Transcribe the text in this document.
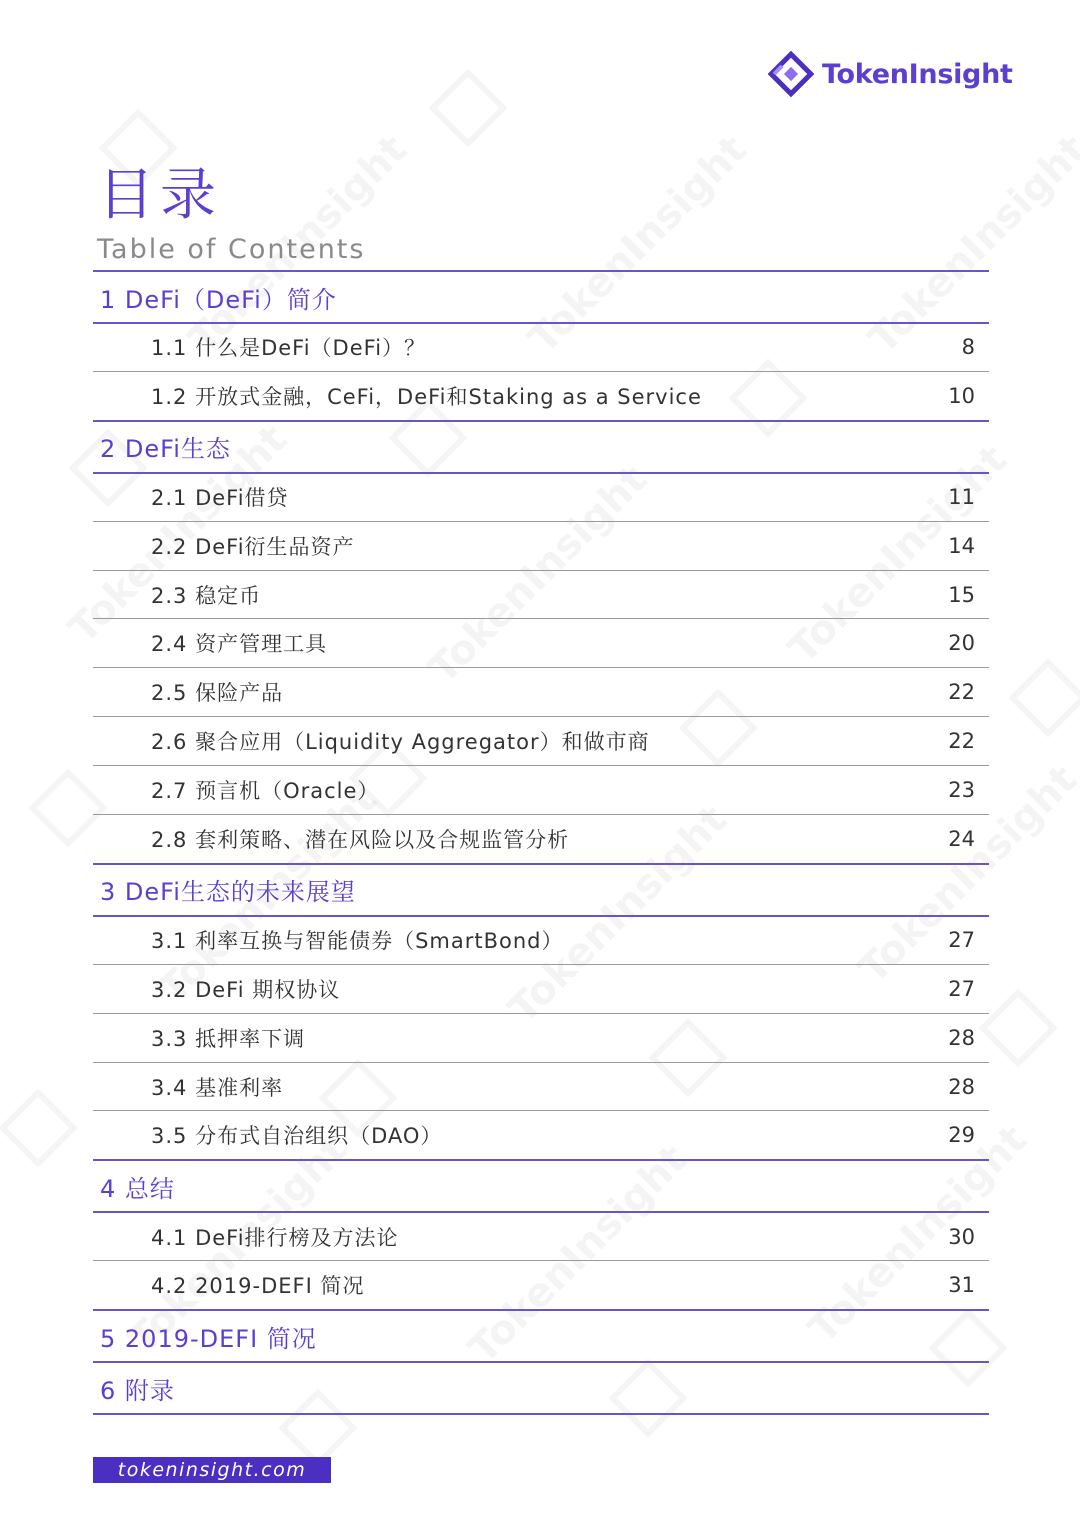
TokenInsight
目录
Table of Contents
1 DeFi（DeFi）简介
1.1 什么是DeFi（DeFi）？	8
1.2 开放式金融，CeFi，DeFi和Staking as a Service	10
2 DeFi生态
2.1 DeFi借贷	11
2.2 DeFi衍生品资产	14
2.3 稳定币	15
2.4 资产管理工具	20
2.5 保险产品	22
2.6 聚合应用（Liquidity Aggregator）和做市商	22
2.7 预言机（Oracle）	23
2.8 套利策略、潜在风险以及合规监管分析	24
3 DeFi生态的未来展望
3.1 利率互换与智能债券（SmartBond）	27
3.2 DeFi 期权协议	27
3.3 抵押率下调	28
3.4 基准利率	28
3.5 分布式自治组织（DAO）	29
4 总结
4.1 DeFi排行榜及方法论	30
4.2 2019-DEFI 简况	31
5 2019-DEFI 简况
6 附录
tokeninsight.com
